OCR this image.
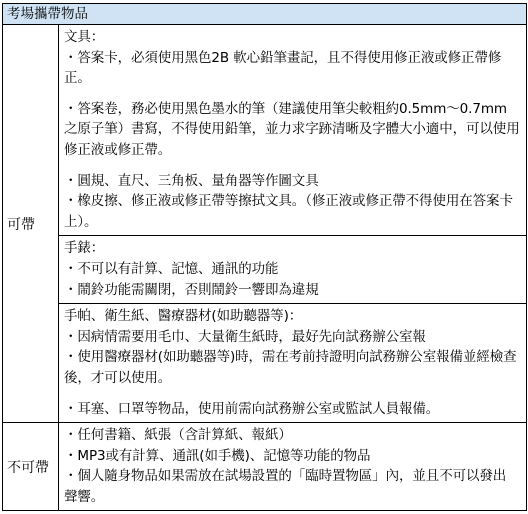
考場攜帶物品	
可帶	文具：
・答案卡，必須使用黑色2B 軟心鉛筆畫記，且不得使用修正液或修正帶修正。
・答案卷，務必使用黑色墨水的筆（建議使用筆尖較粗約0.5mm～0.7mm 之原子筆）書寫，不得使用鉛筆，並力求字跡清晰及字體大小適中，可以使用修正液或修正帶。
・圓規、直尺、三角板、量角器等作圖文具
・橡皮擦、修正液或修正帶等擦拭文具。（修正液或修正帶不得使用在答案卡上）。

	手錶：
・不可以有計算、記憶、通訊的功能
・鬧鈴功能需關閉，否則鬧鈴一響即為違規

	手帕、衛生紙、醫療器材(如助聽器等)：
・因病情需要用毛巾、大量衛生紙時，最好先向試務辦公室報
・使用醫療器材(如助聽器等)時，需在考前持證明向試務辦公室報備並經檢查後，才可以使用。
・耳塞、口罩等物品，使用前需向試務辦公室或監試人員報備。

不可帶	・任何書籍、紙張（含計算紙、報紙）
・MP3或有計算、通訊(如手機)、記憶等功能的物品
・個人隨身物品如果需放在試場設置的「臨時置物區」內，並且不可以發出 聲響。
